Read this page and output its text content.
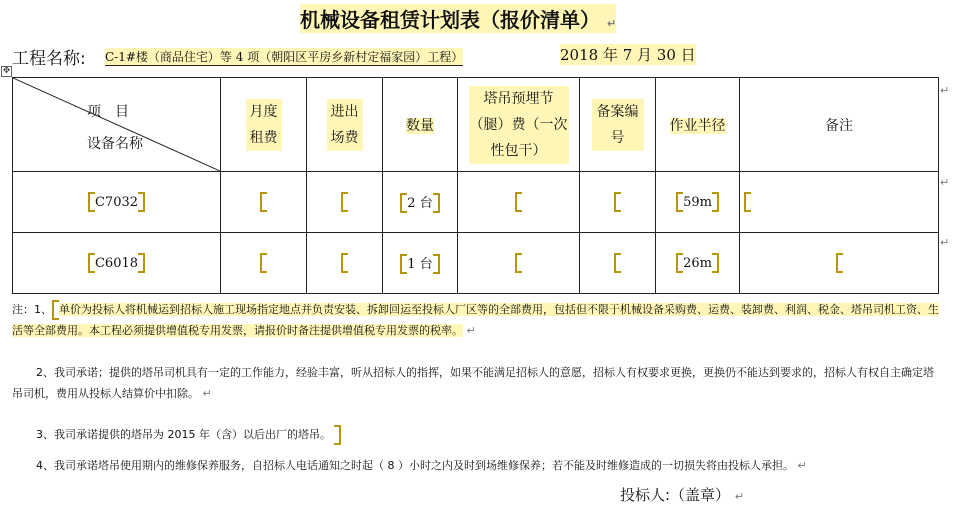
机械设备租赁计划表（报价清单） ↵
工程名称: C-1#楼（商品住宅）等 4 项（朝阳区平房乡新村定福家园）工程）	2018 年 7 月 30 日
✥
项　目
设备名称	月度租费	进出场费	数量	塔吊预埋节（腿）费（一次性包干）	备案编号	作业半径	备注
C7032			2 台			59m	
C6018			1 台			26m	
↵
↵
↵
注：1、 单价为投标人将机械运到招标人施工现场指定地点并负责安装、拆卸回运至投标人厂区等的全部费用，包括但不限于机械设备采购费、运费、装卸费、利润、税金、塔吊司机工资、生活等全部费用。本工程必须提供增值税专用发票，请报价时备注提供增值税专用发票的税率。 ↵
2、我司承诺；提供的塔吊司机具有一定的工作能力，经验丰富，听从招标人的指挥，如果不能满足招标人的意愿，招标人有权要求更换，更换仍不能达到要求的，招标人有权自主确定塔吊司机，费用从投标人结算价中扣除。 ↵
3、我司承诺提供的塔吊为 2015 年（含）以后出厂的塔吊。
4、我司承诺塔吊使用期内的维修保养服务，自招标人电话通知之时起（ 8 ）小时之内及时到场维修保养；若不能及时维修造成的一切损失将由投标人承担。 ↵
投标人:（盖章） ↵
